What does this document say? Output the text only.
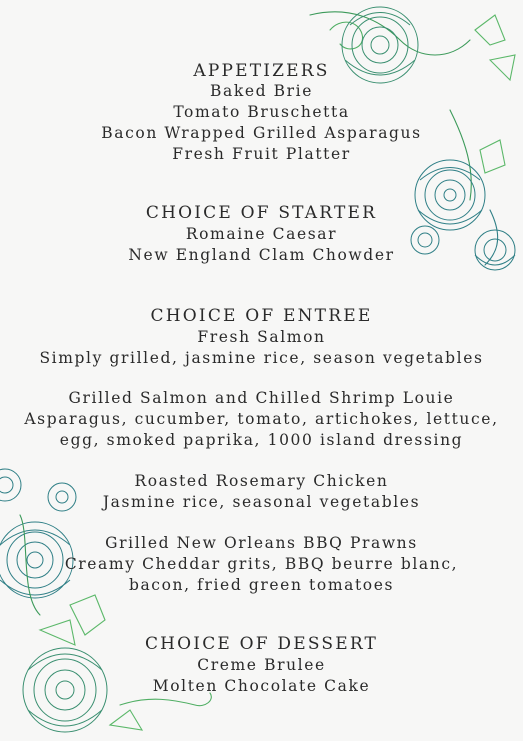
APPETIZERS
Baked Brie
Tomato Bruschetta
Bacon Wrapped Grilled Asparagus
Fresh Fruit Platter
CHOICE OF STARTER
Romaine Caesar
New England Clam Chowder
CHOICE OF ENTREE
Fresh Salmon
Simply grilled, jasmine rice, season vegetables
Grilled Salmon and Chilled Shrimp Louie
Asparagus, cucumber, tomato, artichokes, lettuce,
egg, smoked paprika, 1000 island dressing
Roasted Rosemary Chicken
Jasmine rice, seasonal vegetables
Grilled New Orleans BBQ Prawns
Creamy Cheddar grits, BBQ beurre blanc,
bacon, fried green tomatoes
CHOICE OF DESSERT
Creme Brulee
Molten Chocolate Cake
